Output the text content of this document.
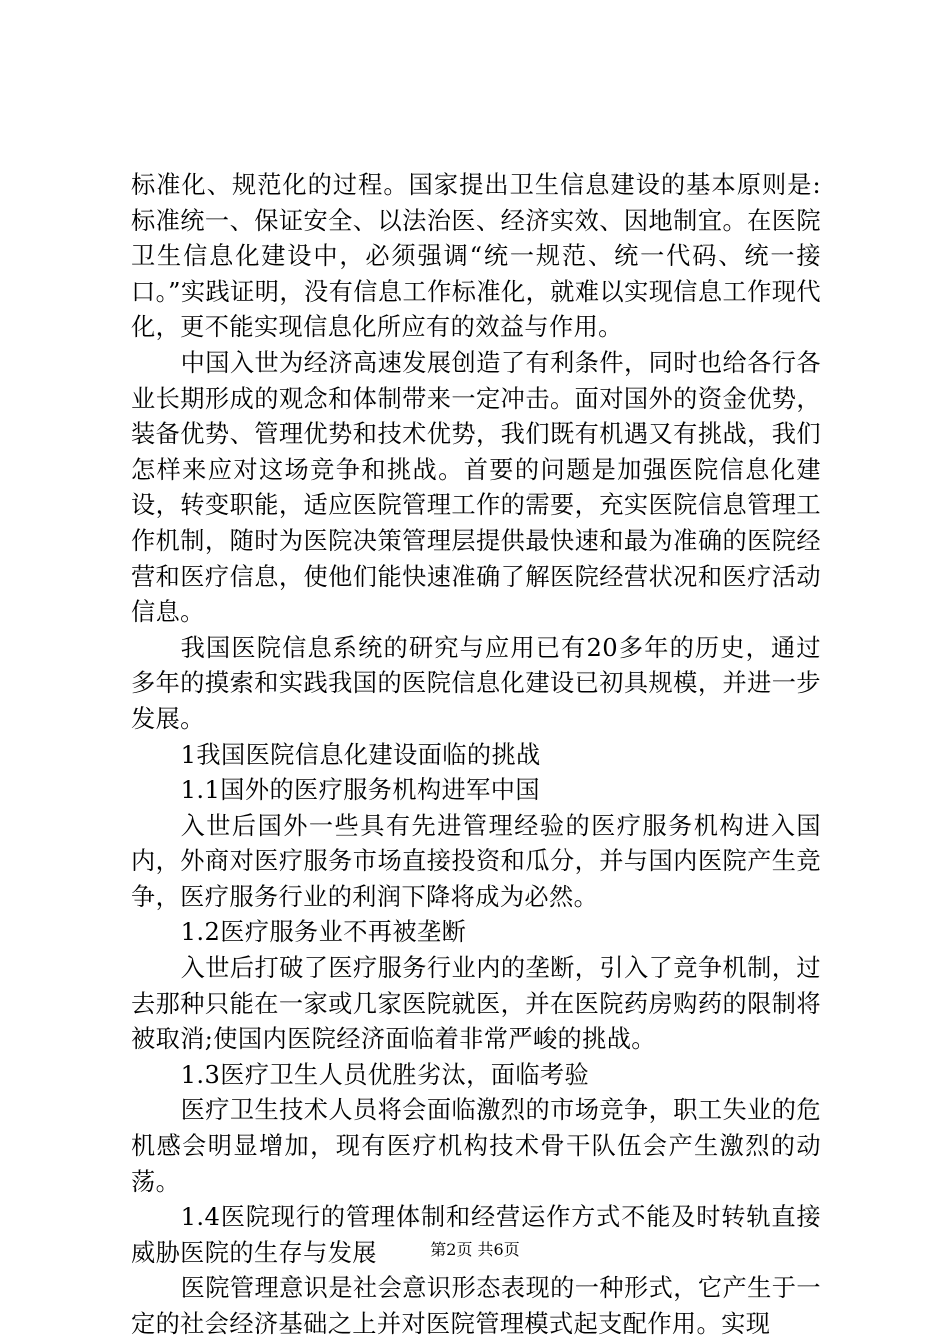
标准化、规范化的过程。国家提出卫生信息建设的基本原则是:标准统一、保证安全、以法治医、经济实效、因地制宜。在医院卫生信息化建设中，必须强调“统一规范、统一代码、统一接口。”实践证明，没有信息工作标准化，就难以实现信息工作现代化，更不能实现信息化所应有的效益与作用。

中国入世为经济高速发展创造了有利条件，同时也给各行各业长期形成的观念和体制带来一定冲击。面对国外的资金优势，装备优势、管理优势和技术优势，我们既有机遇又有挑战，我们怎样来应对这场竞争和挑战。首要的问题是加强医院信息化建设，转变职能，适应医院管理工作的需要，充实医院信息管理工作机制，随时为医院决策管理层提供最快速和最为准确的医院经营和医疗信息，使他们能快速准确了解医院经营状况和医疗活动信息。

我国医院信息系统的研究与应用已有20多年的历史，通过多年的摸索和实践我国的医院信息化建设已初具规模，并进一步发展。

1我国医院信息化建设面临的挑战

1.1国外的医疗服务机构进军中国

入世后国外一些具有先进管理经验的医疗服务机构进入国内，外商对医疗服务市场直接投资和瓜分，并与国内医院产生竞争，医疗服务行业的利润下降将成为必然。

1.2医疗服务业不再被垄断

入世后打破了医疗服务行业内的垄断，引入了竞争机制，过去那种只能在一家或几家医院就医，并在医院药房购药的限制将被取消;使国内医院经济面临着非常严峻的挑战。

1.3医疗卫生人员优胜劣汰，面临考验

医疗卫生技术人员将会面临激烈的市场竞争，职工失业的危机感会明显增加，现有医疗机构技术骨干队伍会产生激烈的动荡。

1.4医院现行的管理体制和经营运作方式不能及时转轨直接威胁医院的生存与发展

医院管理意识是社会意识形态表现的一种形式，它产生于一定的社会经济基础之上并对医院管理模式起支配作用。实现

第2页 共6页
